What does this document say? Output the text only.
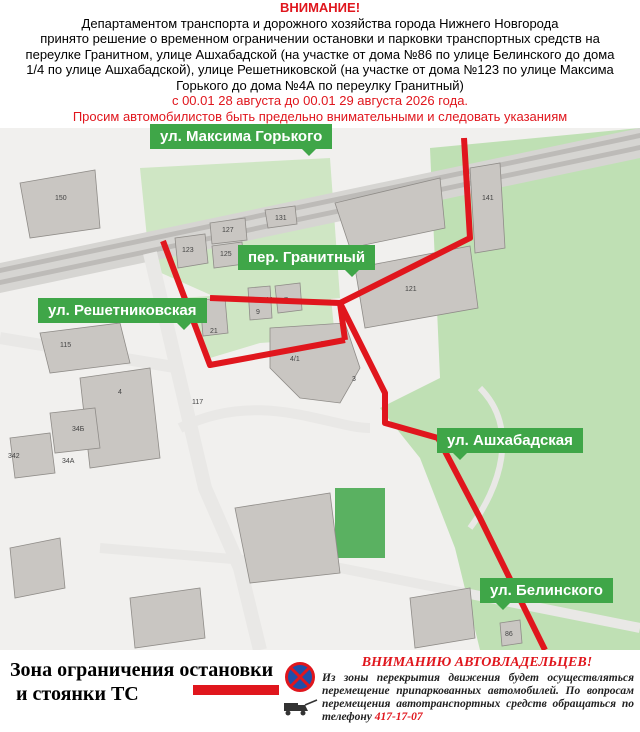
ВНИМАНИЕ!
Департаментом транспорта и дорожного хозяйства города Нижнего Новгорода
принято решение о временном ограничении остановки и парковки транспортных средств на
переулке Гранитном, улице Ашхабадской (на участке от дома №86 по улице Белинского до дома
1/4 по улице Ашхабадской), улице Решетниковской (на участке от дома №123 по улице Максима
Горького до дома №4А по переулку Гранитный)
с 00.01 28 августа до 00.01 29 августа 2026 года.
Просим автомобилистов быть предельно внимательными и следовать указаниям
150	141
131
127
123
125
121
9
7
4А
21
115
4/1
1/4
3
4
117
34Б
342
34А
86
ул. Максима Горького
пер. Гранитный
ул. Решетниковская
ул. Ашхабадская
ул. Белинского
Зона ограничения остановки
и стоянки ТС
ВНИМАНИЮ АВТОВЛАДЕЛЬЦЕВ!
Из зоны перекрытия движения будет осуществляться перемещение припаркованных автомобилей. По вопросам перемещения автотранспортных средств обращаться по телефону 417-17-07
